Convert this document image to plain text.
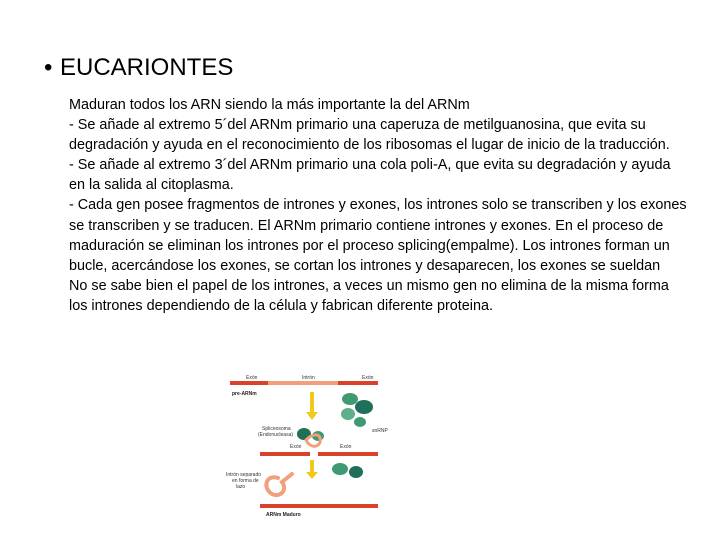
• EUCARIONTES

Maduran todos los ARN siendo la más importante la del ARNm

- Se añade al extremo 5´del ARNm primario una caperuza de metilguanosina, que evita su degradación y ayuda en el reconocimiento de los ribosomas el lugar de inicio de la traducción.

- Se añade al extremo 3´del ARNm primario una cola poli-A, que evita su degradación y ayuda en la salida al citoplasma.

- Cada gen posee fragmentos de intrones y exones, los intrones solo se transcriben y los exones se transcriben y se traducen. El ARNm primario contiene intrones y exones. En el proceso de maduración se eliminan los intrones por el proceso splicing(empalme). Los intrones forman un bucle, acercándose los exones, se cortan los intrones y desaparecen, los exones se sueldan

No se sabe bien el papel de los intrones, a veces un mismo gen no elimina de la misma forma los intrones dependiendo de la célula y fabrican diferente proteina.

Exón	Intrón	Exón
pre-ARNm
snRNP
Spliceosoma (Endonucleasa)
Exón	Exón
Intrón separado en forma de lazo
ARNm Maduro
